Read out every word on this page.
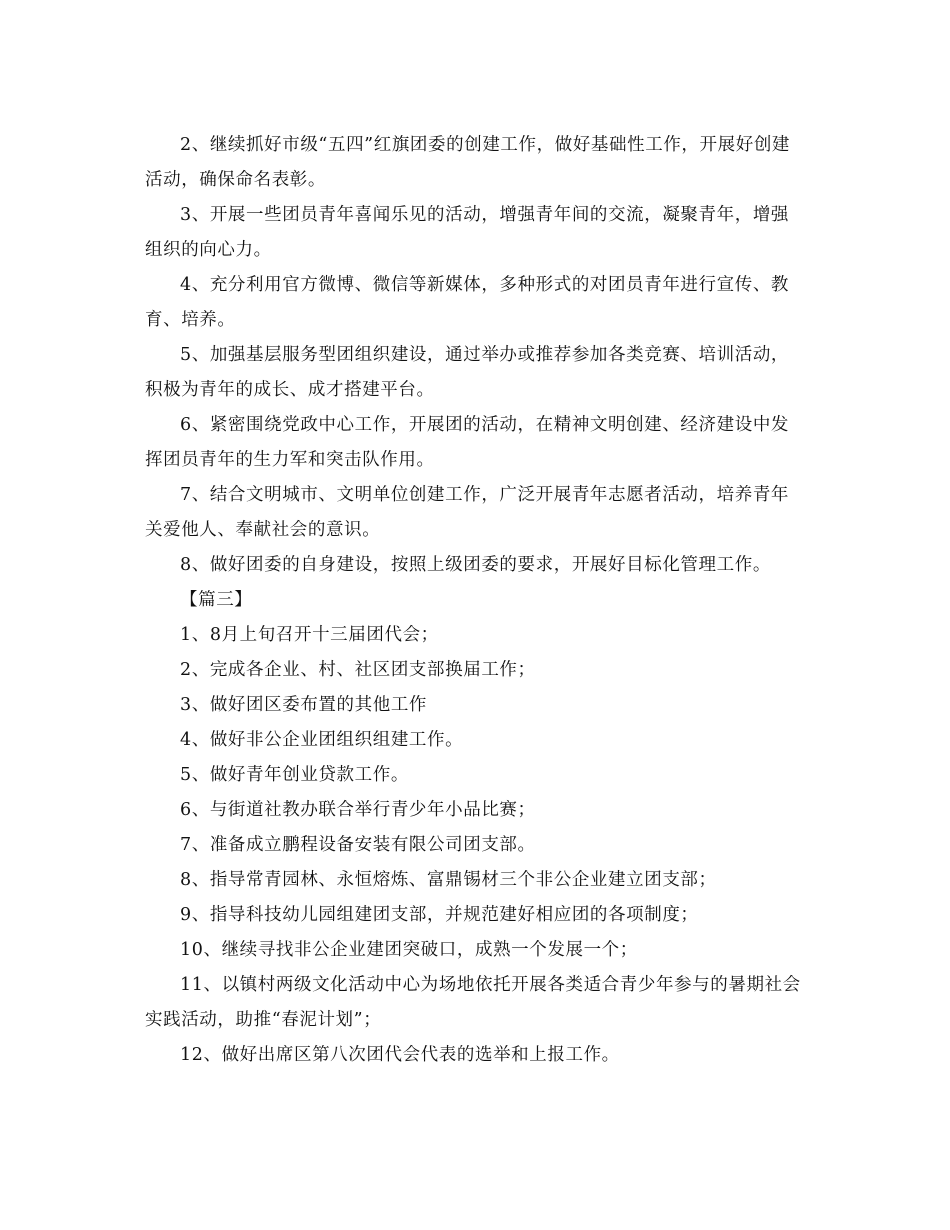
2、继续抓好市级“五四”红旗团委的创建工作，做好基础性工作，开展好创建活动，确保命名表彰。

3、开展一些团员青年喜闻乐见的活动，增强青年间的交流，凝聚青年，增强组织的向心力。

4、充分利用官方微博、微信等新媒体，多种形式的对团员青年进行宣传、教育、培养。

5、加强基层服务型团组织建设，通过举办或推荐参加各类竞赛、培训活动，积极为青年的成长、成才搭建平台。

6、紧密围绕党政中心工作，开展团的活动，在精神文明创建、经济建设中发挥团员青年的生力军和突击队作用。

7、结合文明城市、文明单位创建工作，广泛开展青年志愿者活动，培养青年关爱他人、奉献社会的意识。

8、做好团委的自身建设，按照上级团委的要求，开展好目标化管理工作。

【篇三】

1、8月上旬召开十三届团代会；

2、完成各企业、村、社区团支部换届工作；

3、做好团区委布置的其他工作

4、做好非公企业团组织组建工作。

5、做好青年创业贷款工作。

6、与街道社教办联合举行青少年小品比赛；

7、准备成立鹏程设备安装有限公司团支部。

8、指导常青园林、永恒熔炼、富鼎锡材三个非公企业建立团支部；

9、指导科技幼儿园组建团支部，并规范建好相应团的各项制度；

10、继续寻找非公企业建团突破口，成熟一个发展一个；

11、以镇村两级文化活动中心为场地依托开展各类适合青少年参与的暑期社会实践活动，助推“春泥计划”；

12、做好出席区第八次团代会代表的选举和上报工作。
